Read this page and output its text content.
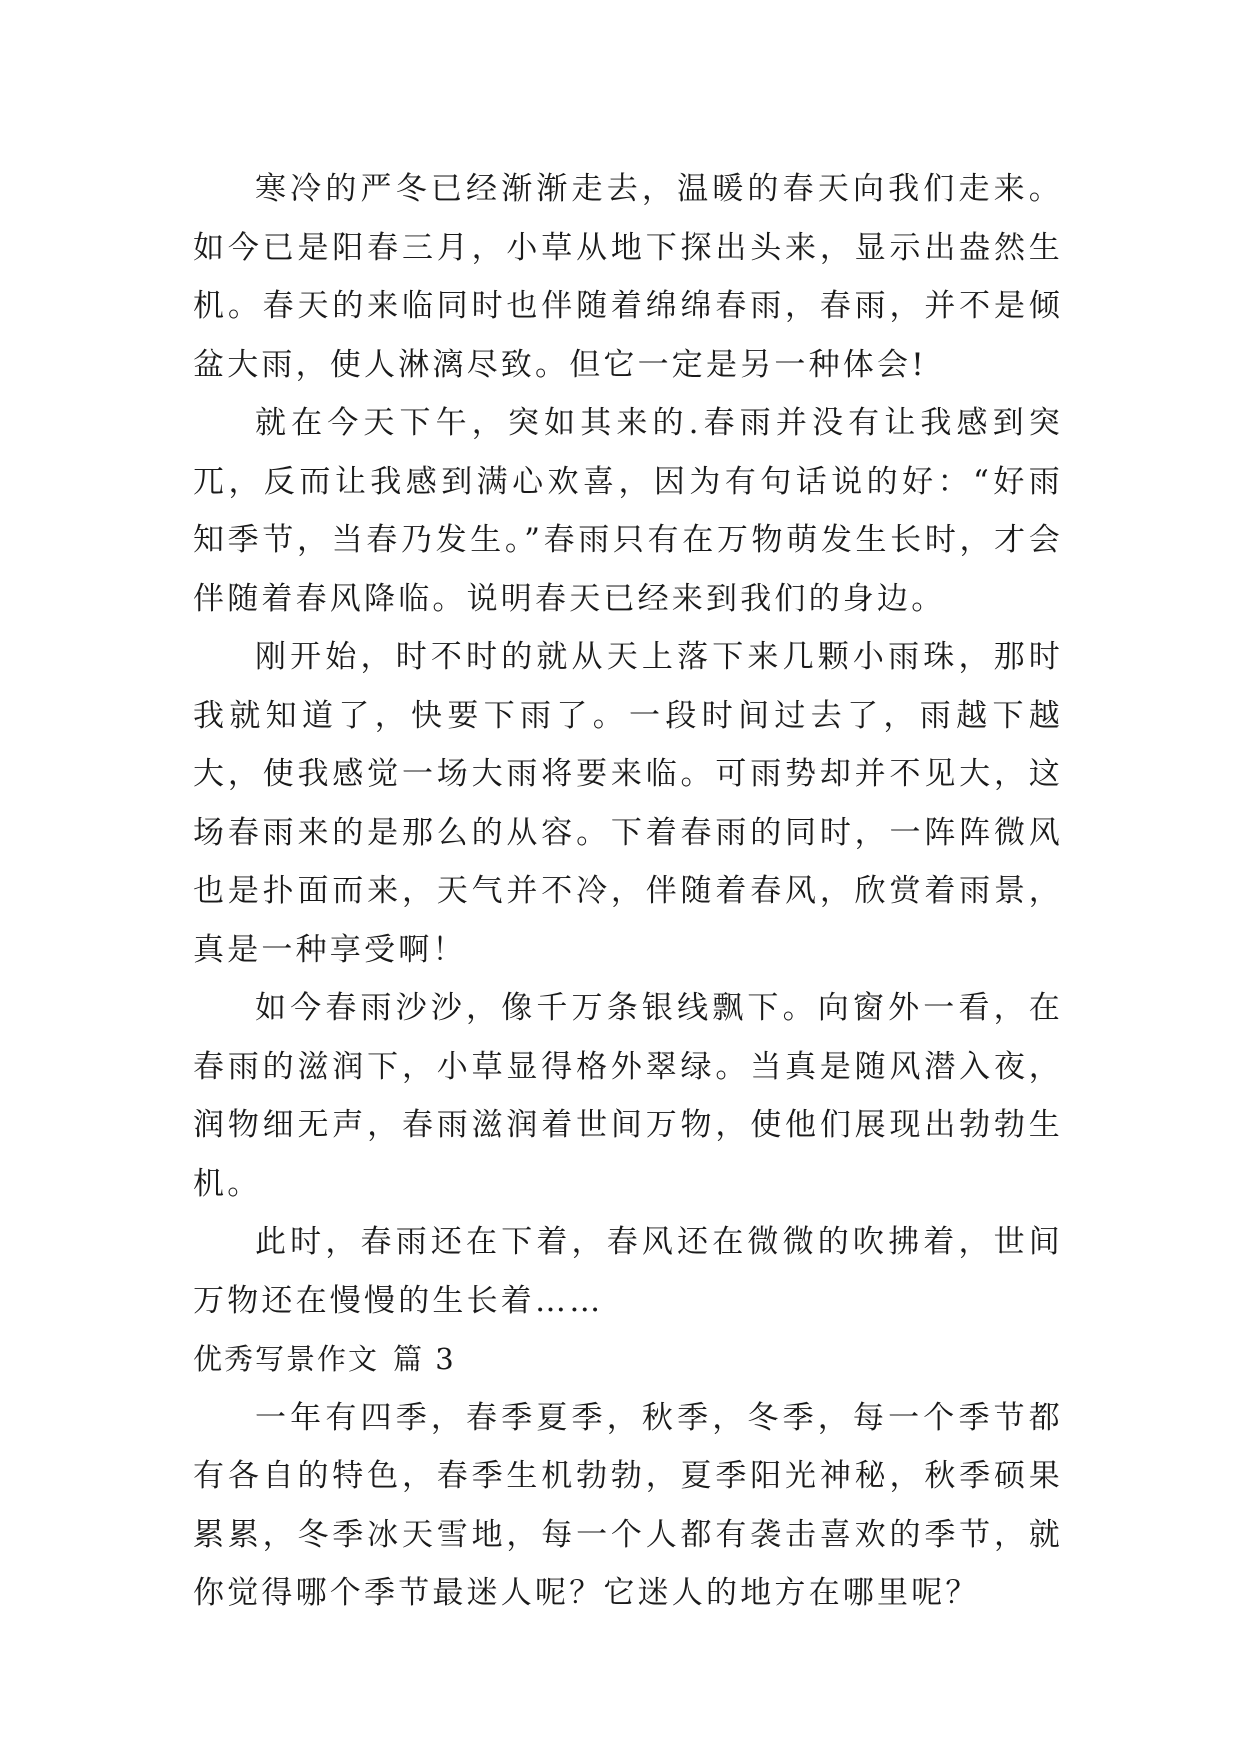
寒冷的严冬已经渐渐走去，温暖的春天向我们走来。如今已是阳春三月，小草从地下探出头来，显示出盎然生机。春天的来临同时也伴随着绵绵春雨，春雨，并不是倾盆大雨，使人淋漓尽致。但它一定是另一种体会!

就在今天下午，突如其来的.春雨并没有让我感到突兀，反而让我感到满心欢喜，因为有句话说的好：“好雨知季节，当春乃发生。”春雨只有在万物萌发生长时，才会伴随着春风降临。说明春天已经来到我们的身边。

刚开始，时不时的就从天上落下来几颗小雨珠，那时我就知道了，快要下雨了。一段时间过去了，雨越下越大，使我感觉一场大雨将要来临。可雨势却并不见大，这场春雨来的是那么的从容。下着春雨的同时，一阵阵微风也是扑面而来，天气并不冷，伴随着春风，欣赏着雨景，真是一种享受啊！

如今春雨沙沙，像千万条银线飘下。向窗外一看，在春雨的滋润下，小草显得格外翠绿。当真是随风潜入夜，润物细无声，春雨滋润着世间万物，使他们展现出勃勃生机。

此时，春雨还在下着，春风还在微微的吹拂着，世间万物还在慢慢的生长着……

优秀写景作文 篇 3

一年有四季，春季夏季，秋季，冬季，每一个季节都有各自的特色，春季生机勃勃，夏季阳光神秘，秋季硕果累累，冬季冰天雪地，每一个人都有袭击喜欢的季节，就你觉得哪个季节最迷人呢？它迷人的地方在哪里呢？
